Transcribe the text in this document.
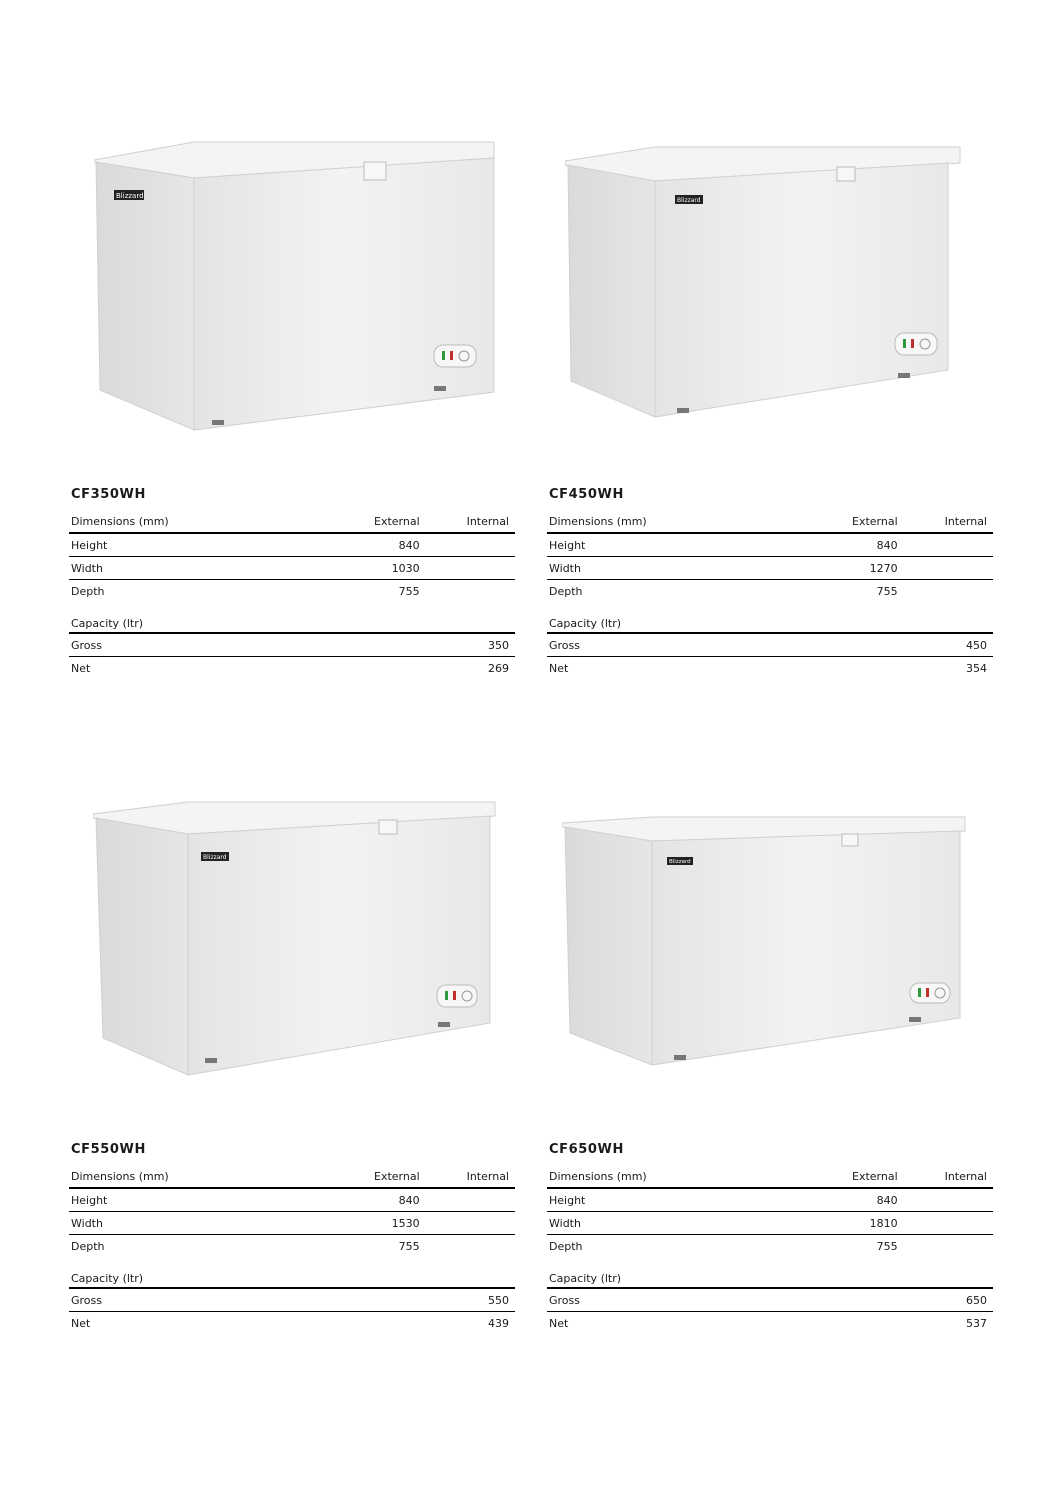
Blizzard
CF350WH
Dimensions (mm)	External	Internal
Height	840	
Width	1030	
Depth	755	
Capacity (ltr)		
Gross		350
Net		269
Blizzard
CF450WH
Dimensions (mm)	External	Internal
Height	840	
Width	1270	
Depth	755	
Capacity (ltr)		
Gross		450
Net		354
Blizzard
CF550WH
Dimensions (mm)	External	Internal
Height	840	
Width	1530	
Depth	755	
Capacity (ltr)		
Gross		550
Net		439
Blizzard
CF650WH
Dimensions (mm)	External	Internal
Height	840	
Width	1810	
Depth	755	
Capacity (ltr)		
Gross		650
Net		537
